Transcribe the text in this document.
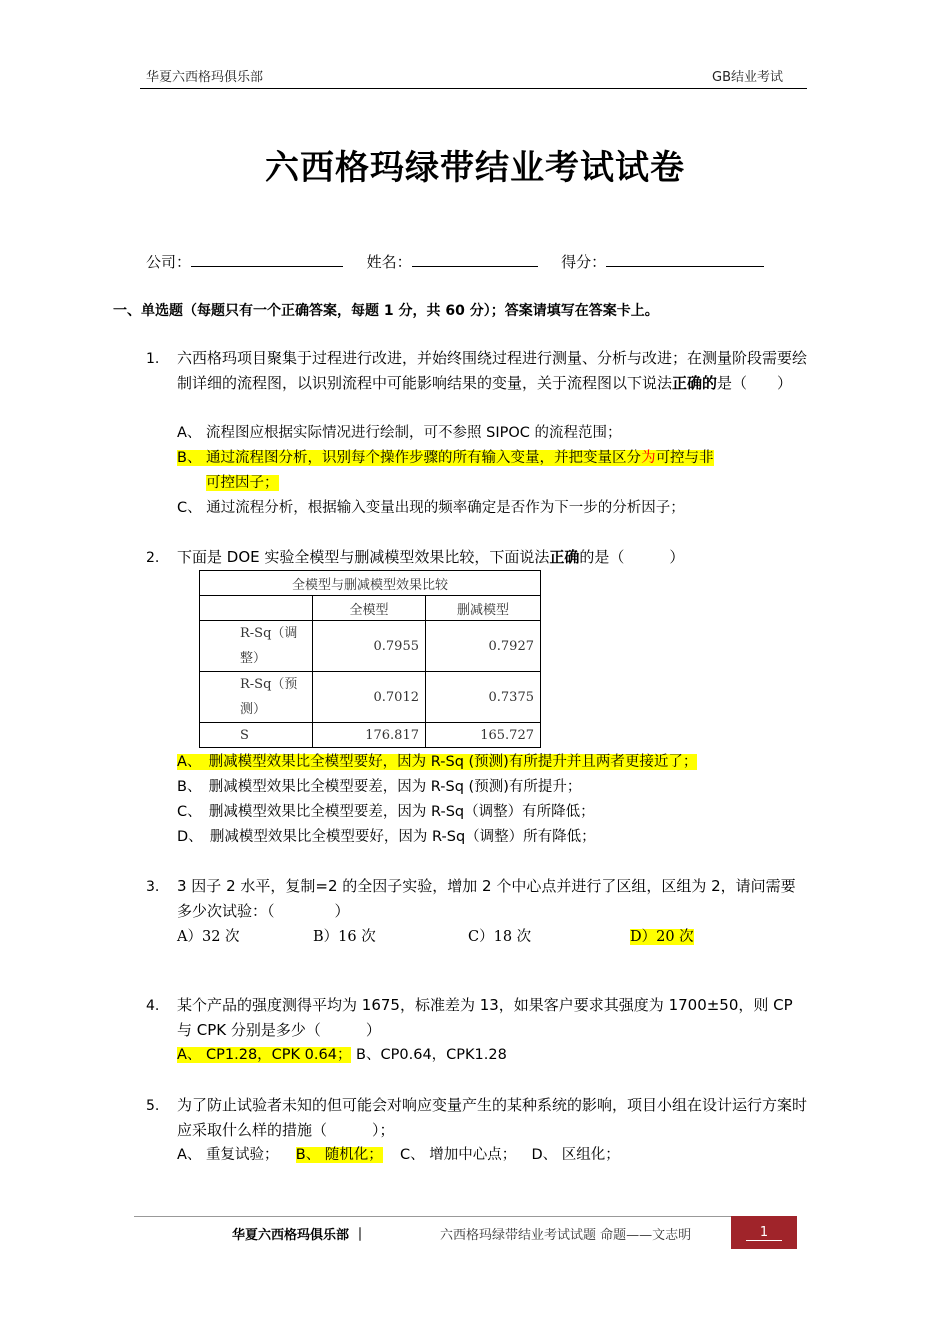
华夏六西格玛俱乐部	GB结业考试
六西格玛绿带结业考试试卷
公司：	姓名：	得分：
一、单选题（每题只有一个正确答案，每题 1 分，共 60 分）；答案请填写在答案卡上。
1. 六西格玛项目聚集于过程进行改进，并始终围绕过程进行测量、分析与改进；在测量阶段需要绘制详细的流程图，以识别流程中可能影响结果的变量，关于流程图以下说法正确的是（　　）
A、 流程图应根据实际情况进行绘制，可不参照 SIPOC 的流程范围；
B、 通过流程图分析，识别每个操作步骤的所有输入变量，并把变量区分为可控与非
可控因子；
C、 通过流程分析，根据输入变量出现的频率确定是否作为下一步的分析因子；
2. 下面是 DOE 实验全模型与删减模型效果比较，下面说法正确的是（　　　）
全模型与删减模型效果比较		
	全模型	删减模型
R-Sq（调整）	0.7955	0.7927
R-Sq（预测）	0.7012	0.7375
S	176.817	165.727
A、　删减模型效果比全模型要好，因为 R-Sq (预测)有所提升并且两者更接近了；
B、　删减模型效果比全模型要差，因为 R-Sq (预测)有所提升；
C、　删减模型效果比全模型要差，因为 R-Sq（调整）有所降低；
D、　删减模型效果比全模型要好，因为 R-Sq（调整）所有降低；
3. 3 因子 2 水平，复制=2 的全因子实验，增加 2 个中心点并进行了区组，区组为 2，请问需要多少次试验：（　　　　）
A）32 次	B）16 次	C）18 次	D）20 次
4. 某个产品的强度测得平均为 1675，标准差为 13，如果客户要求其强度为 1700±50，则 CP 与 CPK 分别是多少（　　　）
A、 CP1.28，CPK 0.64； B、CP0.64，CPK1.28
5. 为了防止试验者未知的但可能会对响应变量产生的某种系统的影响，项目小组在设计运行方案时应采取什么样的措施（　　　）；
A、 重复试验； B、 随机化； C、 增加中心点； D、 区组化；
华夏六西格玛俱乐部 ｜	六西格玛绿带结业考试试题 命题——文志明	1
